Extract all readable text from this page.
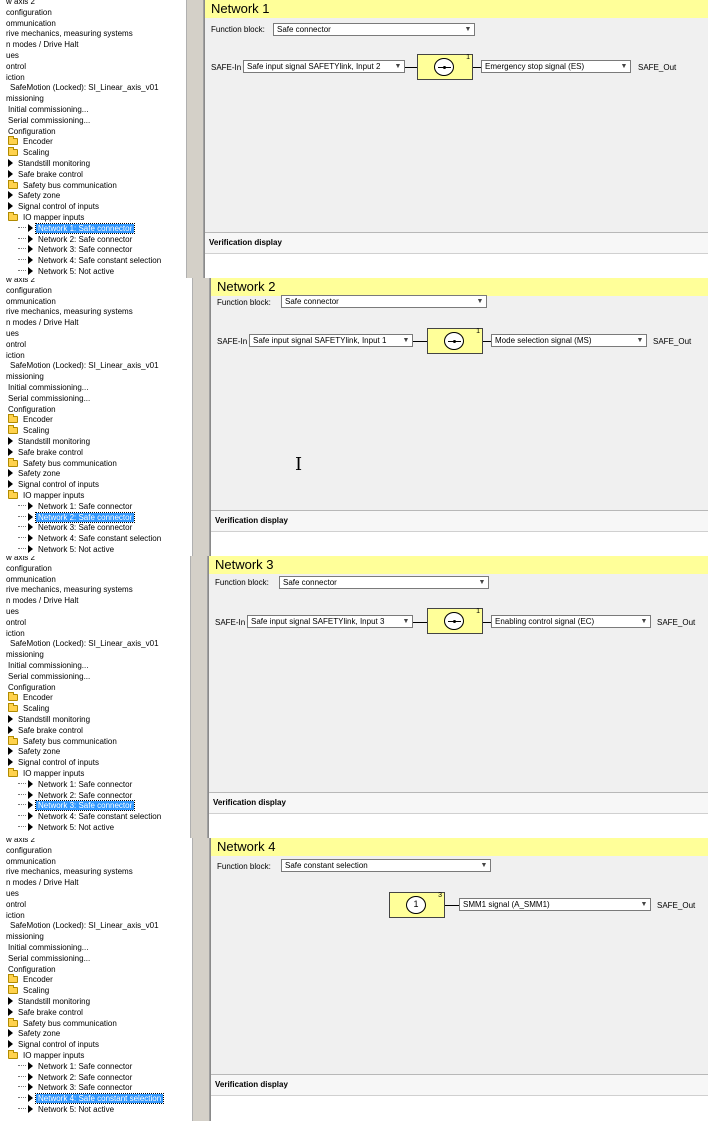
w axis 2
configuration
ommunication
rive mechanics, measuring systems
n modes / Drive Halt
ues
ontrol
iction
SafeMotion (Locked): SI_Linear_axis_v01
missioning
Initial commissioning...
Serial commissioning...
Configuration
Encoder
Scaling
Standstill monitoring
Safe brake control
Safety bus communication
Safety zone
Signal control of inputs
IO mapper inputs
Network 1: Safe connector
Network 2: Safe connector
Network 3: Safe connector
Network 4: Safe constant selection
Network 5: Not active
Network 1
Function block:	Safe connector	▼
SAFE-In Safe input signal SAFETYlink, Input 2 ▼
1
Emergency stop signal (ES)	▼ SAFE_Out
Verification display
w axis 2
configuration
ommunication
rive mechanics, measuring systems
n modes / Drive Halt
ues
ontrol
iction
SafeMotion (Locked): SI_Linear_axis_v01
missioning
Initial commissioning...
Serial commissioning...
Configuration
Encoder
Scaling
Standstill monitoring
Safe brake control
Safety bus communication
Safety zone
Signal control of inputs
IO mapper inputs
Network 1: Safe connector
Network 2: Safe connector
Network 3: Safe connector
Network 4: Safe constant selection
Network 5: Not active
Network 2
Function block:	Safe connector	▼
SAFE-In Safe input signal SAFETYlink, Input 1 ▼
1
Mode selection signal (MS)	▼ SAFE_Out
I
Verification display
w axis 2
configuration
ommunication
rive mechanics, measuring systems
n modes / Drive Halt
ues
ontrol
iction
SafeMotion (Locked): SI_Linear_axis_v01
missioning
Initial commissioning...
Serial commissioning...
Configuration
Encoder
Scaling
Standstill monitoring
Safe brake control
Safety bus communication
Safety zone
Signal control of inputs
IO mapper inputs
Network 1: Safe connector
Network 2: Safe connector
Network 3: Safe connector
Network 4: Safe constant selection
Network 5: Not active
Network 3
Function block:	Safe connector	▼
SAFE-In Safe input signal SAFETYlink, Input 3	▼
1
Enabling control signal (EC)	▼ SAFE_Out
Verification display
w axis 2
configuration
ommunication
rive mechanics, measuring systems
n modes / Drive Halt
ues
ontrol
iction
SafeMotion (Locked): SI_Linear_axis_v01
missioning
Initial commissioning...
Serial commissioning...
Configuration
Encoder
Scaling
Standstill monitoring
Safe brake control
Safety bus communication
Safety zone
Signal control of inputs
IO mapper inputs
Network 1: Safe connector
Network 2: Safe connector
Network 3: Safe connector
Network 4: Safe constant selection
Network 5: Not active
Network 4
Function block:	Safe constant selection	▼
3
1	SMM1 signal (A_SMM1)	▼ SAFE_Out
Verification display
